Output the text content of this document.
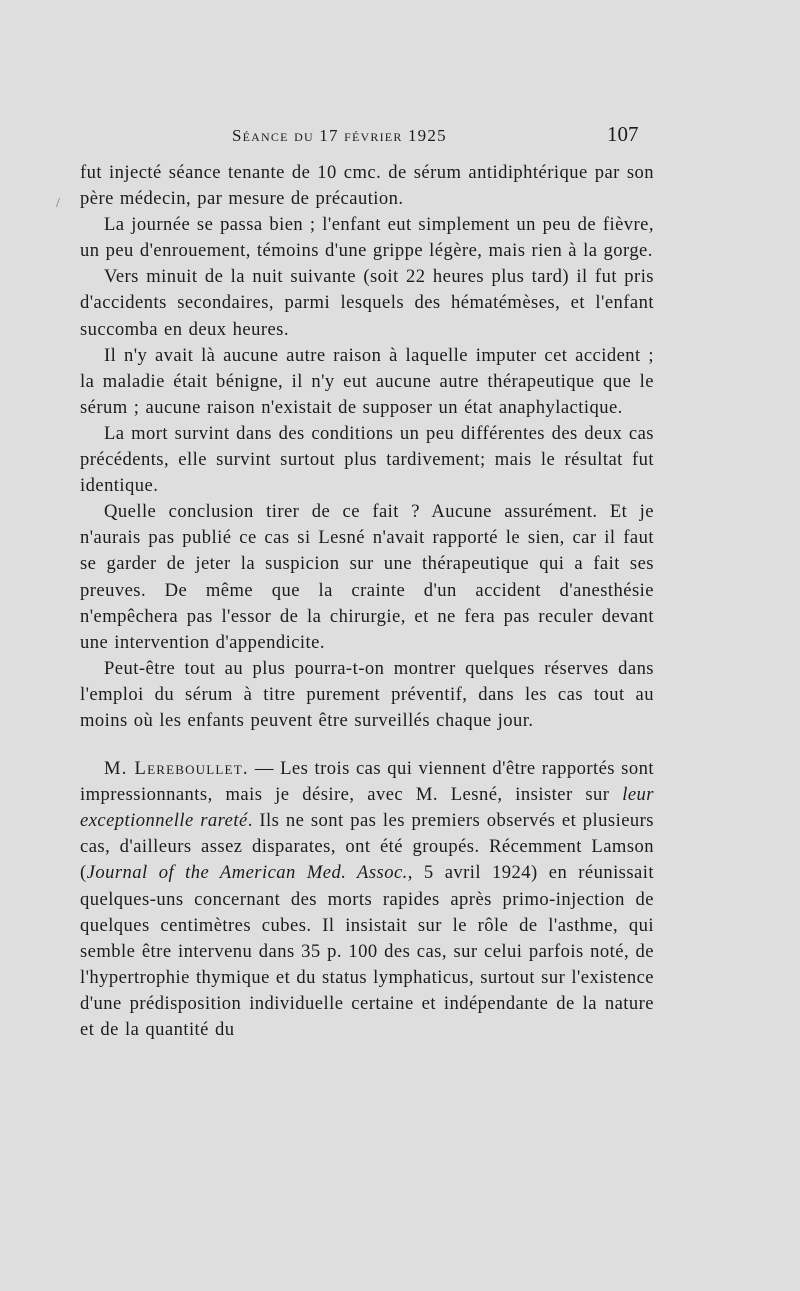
Séance du 17 février 1925	107
/

fut injecté séance tenante de 10 cmc. de sérum antidiphtérique par son père médecin, par mesure de précaution.

La journée se passa bien ; l'enfant eut simplement un peu de fièvre, un peu d'enrouement, témoins d'une grippe légère, mais rien à la gorge.

Vers minuit de la nuit suivante (soit 22 heures plus tard) il fut pris d'accidents secondaires, parmi lesquels des hématémèses, et l'enfant succomba en deux heures.

Il n'y avait là aucune autre raison à laquelle imputer cet accident ; la maladie était bénigne, il n'y eut aucune autre thérapeutique que le sérum ; aucune raison n'existait de supposer un état anaphylactique.

La mort survint dans des conditions un peu différentes des deux cas précédents, elle survint surtout plus tardivement; mais le résultat fut identique.

Quelle conclusion tirer de ce fait ? Aucune assurément. Et je n'aurais pas publié ce cas si Lesné n'avait rapporté le sien, car il faut se garder de jeter la suspicion sur une thérapeutique qui a fait ses preuves. De même que la crainte d'un accident d'anesthésie n'empêchera pas l'essor de la chirurgie, et ne fera pas reculer devant une intervention d'appendicite.

Peut-être tout au plus pourra-t-on montrer quelques réserves dans l'emploi du sérum à titre purement préventif, dans les cas tout au moins où les enfants peuvent être surveillés chaque jour.

M. Lereboullet. — Les trois cas qui viennent d'être rapportés sont impressionnants, mais je désire, avec M. Lesné, insister sur leur exceptionnelle rareté. Ils ne sont pas les premiers observés et plusieurs cas, d'ailleurs assez disparates, ont été groupés. Récemment Lamson (Journal of the American Med. Assoc., 5 avril 1924) en réunissait quelques-uns concernant des morts rapides après primo-injection de quelques centimètres cubes. Il insistait sur le rôle de l'asthme, qui semble être intervenu dans 35 p. 100 des cas, sur celui parfois noté, de l'hypertrophie thymique et du status lymphaticus, surtout sur l'existence d'une prédisposition individuelle certaine et indépendante de la nature et de la quantité du
